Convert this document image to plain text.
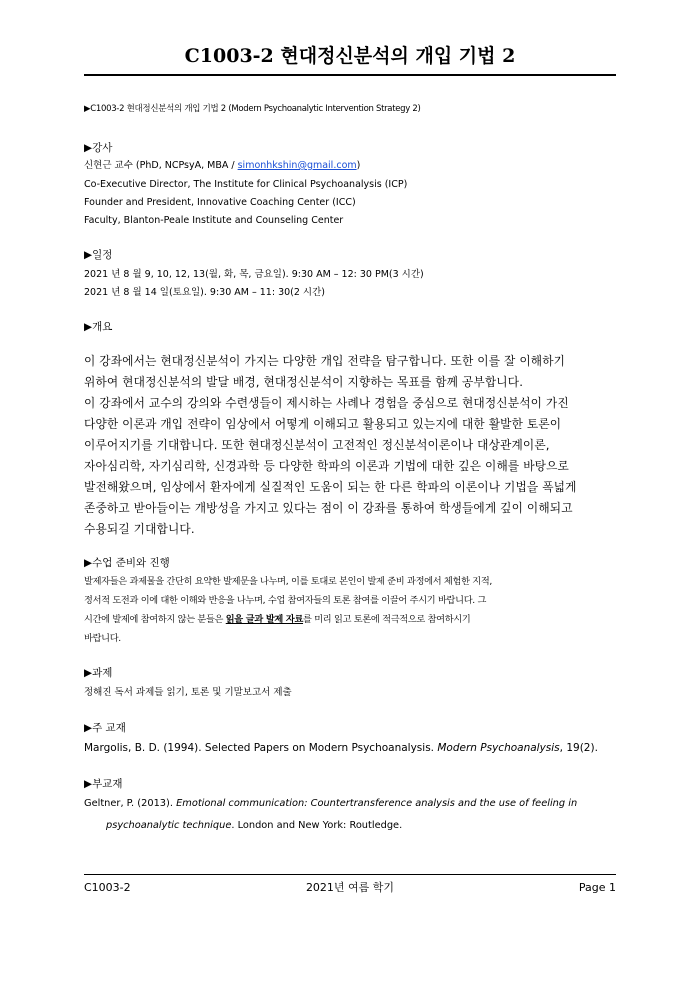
C1003-2 현대정신분석의 개입 기법 2
▶C1003-2 현대정신분석의 개입 기법 2 (Modern Psychoanalytic Intervention Strategy 2)
▶강사
신현근 교수 (PhD, NCPsyA, MBA / simonhkshin@gmail.com)
Co-Executive Director, The Institute for Clinical Psychoanalysis (ICP)
Founder and President, Innovative Coaching Center (ICC)
Faculty, Blanton-Peale Institute and Counseling Center
▶일정
2021 년 8 월 9, 10, 12, 13(월, 화, 목, 금요일). 9:30 AM – 12: 30 PM(3 시간)
2021 년 8 월 14 일(토요일). 9:30 AM – 11: 30(2 시간)
▶개요
이 강좌에서는 현대정신분석이 가지는 다양한 개입 전략을 탐구합니다. 또한 이를 잘 이해하기
위하여 현대정신분석의 발달 배경, 현대정신분석이 지향하는 목표를 함께 공부합니다.
이 강좌에서 교수의 강의와 수련생들이 제시하는 사례나 경험을 중심으로 현대정신분석이 가진
다양한 이론과 개입 전략이 임상에서 어떻게 이해되고 활용되고 있는지에 대한 활발한 토론이
이루어지기를 기대합니다. 또한 현대정신분석이 고전적인 정신분석이론이나 대상관계이론,
자아심리학, 자기심리학, 신경과학 등 다양한 학파의 이론과 기법에 대한 깊은 이해를 바탕으로
발전해왔으며, 임상에서 환자에게 실질적인 도움이 되는 한 다른 학파의 이론이나 기법을 폭넓게
존중하고 받아들이는 개방성을 가지고 있다는 점이 이 강좌를 통하여 학생들에게 깊이 이해되고
수용되길 기대합니다.
▶수업 준비와 진행
발제자들은 과제물을 간단히 요약한 발제문을 나누며, 이를 토대로 본인이 발제 준비 과정에서 체험한 지적,
정서적 도전과 이에 대한 이해와 반응을 나누며, 수업 참여자들의 토론 참여를 이끌어 주시기 바랍니다. 그
시간에 발제에 참여하지 않는 분들은 읽을 글과 발제 자료를 미리 읽고 토론에 적극적으로 참여하시기
바랍니다.
▶과제
정해진 독서 과제들 읽기, 토론 및 기말보고서 제출
▶주 교재
Margolis, B. D. (1994). Selected Papers on Modern Psychoanalysis. Modern Psychoanalysis, 19(2).
▶부교재
Geltner, P. (2013). Emotional communication: Countertransference analysis and the use of feeling in
psychoanalytic technique. London and New York: Routledge.
C1003-2	2021년 여름 학기	Page 1
